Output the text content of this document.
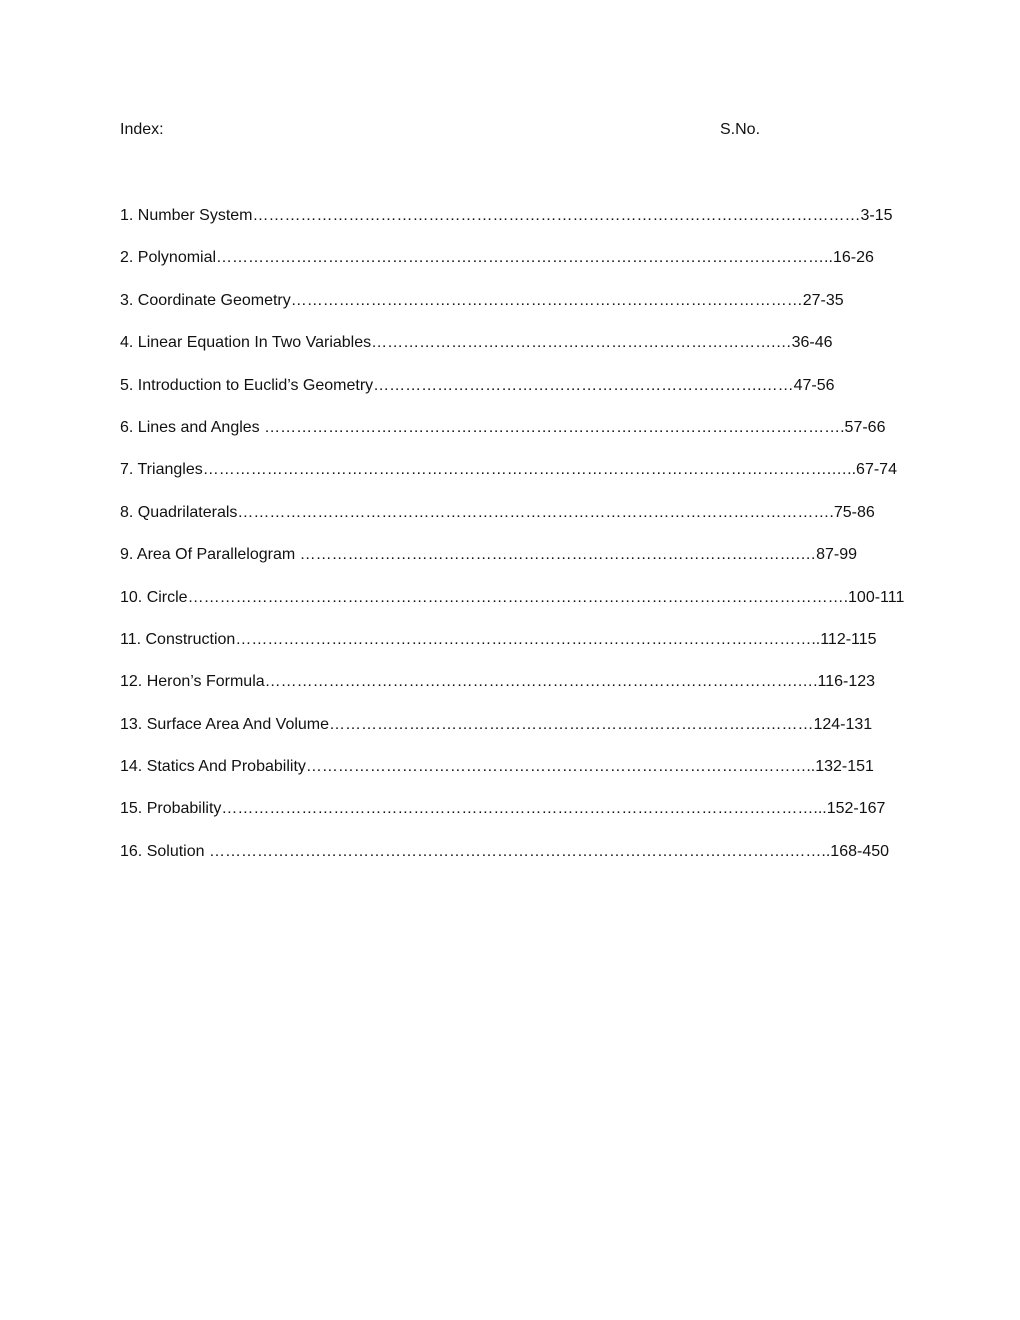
Index:	S.No.
1. Number System……………………………………………………………………………………………………3-15
2. Polynomial……………………………………………………………………………………………………..16-26
3. Coordinate Geometry……………………………………………………………………………………27-35
4. Linear Equation In Two Variables………………………………………………………………….…36-46
5. Introduction to Euclid’s Geometry……………………………………………………………….……47-56
6. Lines and Angles ……………………………………………………………………………………………….57-66
7. Triangles……………………………………………………………………………………………………….…..67-74
8. Quadrilaterals………………………………………………………………………………………………….75-86
9. Area Of Parallelogram ………………………………………………………………………………….…87-99
10. Circle…………………………………………………………………………………………………………….100-111
11. Construction………………………………………………………………………………………………..112-115
12. Heron’s Formula……………………………………………………………………………………….….116-123
13. Surface Area And Volume……………………………………………………………………….………124-131
14. Statics And Probability………………………………………………………………………….………..132-151
15. Probability…………………………………………………………………………………………………...152-167
16. Solution ……………………………………………………………………………………………….……..168-450
